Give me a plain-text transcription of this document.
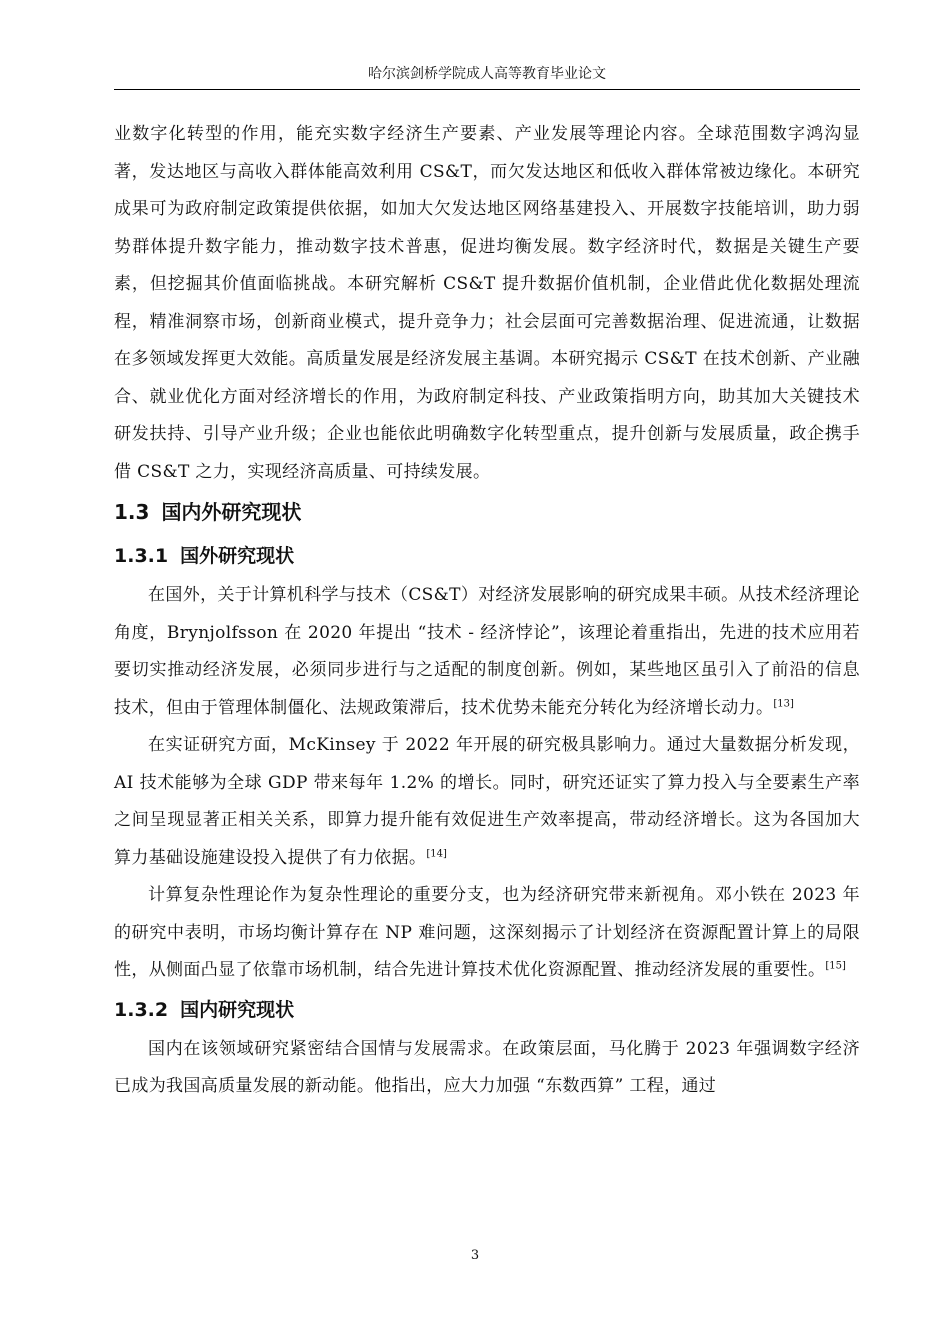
哈尔滨剑桥学院成人高等教育毕业论文

业数字化转型的作用，能充实数字经济生产要素、产业发展等理论内容。全球范围数字鸿沟显著，发达地区与高收入群体能高效利用 CS&T，而欠发达地区和低收入群体常被边缘化。本研究成果可为政府制定政策提供依据，如加大欠发达地区网络基建投入、开展数字技能培训，助力弱势群体提升数字能力，推动数字技术普惠，促进均衡发展。数字经济时代，数据是关键生产要素，但挖掘其价值面临挑战。本研究解析 CS&T 提升数据价值机制，企业借此优化数据处理流程，精准洞察市场，创新商业模式，提升竞争力；社会层面可完善数据治理、促进流通，让数据在多领域发挥更大效能。高质量发展是经济发展主基调。本研究揭示 CS&T 在技术创新、产业融合、就业优化方面对经济增长的作用，为政府制定科技、产业政策指明方向，助其加大关键技术研发扶持、引导产业升级；企业也能依此明确数字化转型重点，提升创新与发展质量，政企携手借 CS&T 之力，实现经济高质量、可持续发展。

1.3 国内外研究现状
1.3.1 国外研究现状

在国外，关于计算机科学与技术（CS&T）对经济发展影响的研究成果丰硕。从技术经济理论角度，Brynjolfsson 在 2020 年提出 “技术 - 经济悖论”，该理论着重指出，先进的技术应用若要切实推动经济发展，必须同步进行与之适配的制度创新。例如，某些地区虽引入了前沿的信息技术，但由于管理体制僵化、法规政策滞后，技术优势未能充分转化为经济增长动力。[13]

在实证研究方面，McKinsey 于 2022 年开展的研究极具影响力。通过大量数据分析发现，AI 技术能够为全球 GDP 带来每年 1.2% 的增长。同时，研究还证实了算力投入与全要素生产率之间呈现显著正相关关系，即算力提升能有效促进生产效率提高，带动经济增长。这为各国加大算力基础设施建设投入提供了有力依据。[14]

计算复杂性理论作为复杂性理论的重要分支，也为经济研究带来新视角。邓小铁在 2023 年的研究中表明，市场均衡计算存在 NP 难问题，这深刻揭示了计划经济在资源配置计算上的局限性，从侧面凸显了依靠市场机制，结合先进计算技术优化资源配置、推动经济发展的重要性。[15]

1.3.2 国内研究现状

国内在该领域研究紧密结合国情与发展需求。在政策层面，马化腾于 2023 年强调数字经济已成为我国高质量发展的新动能。他指出，应大力加强 “东数西算” 工程，通过

3
